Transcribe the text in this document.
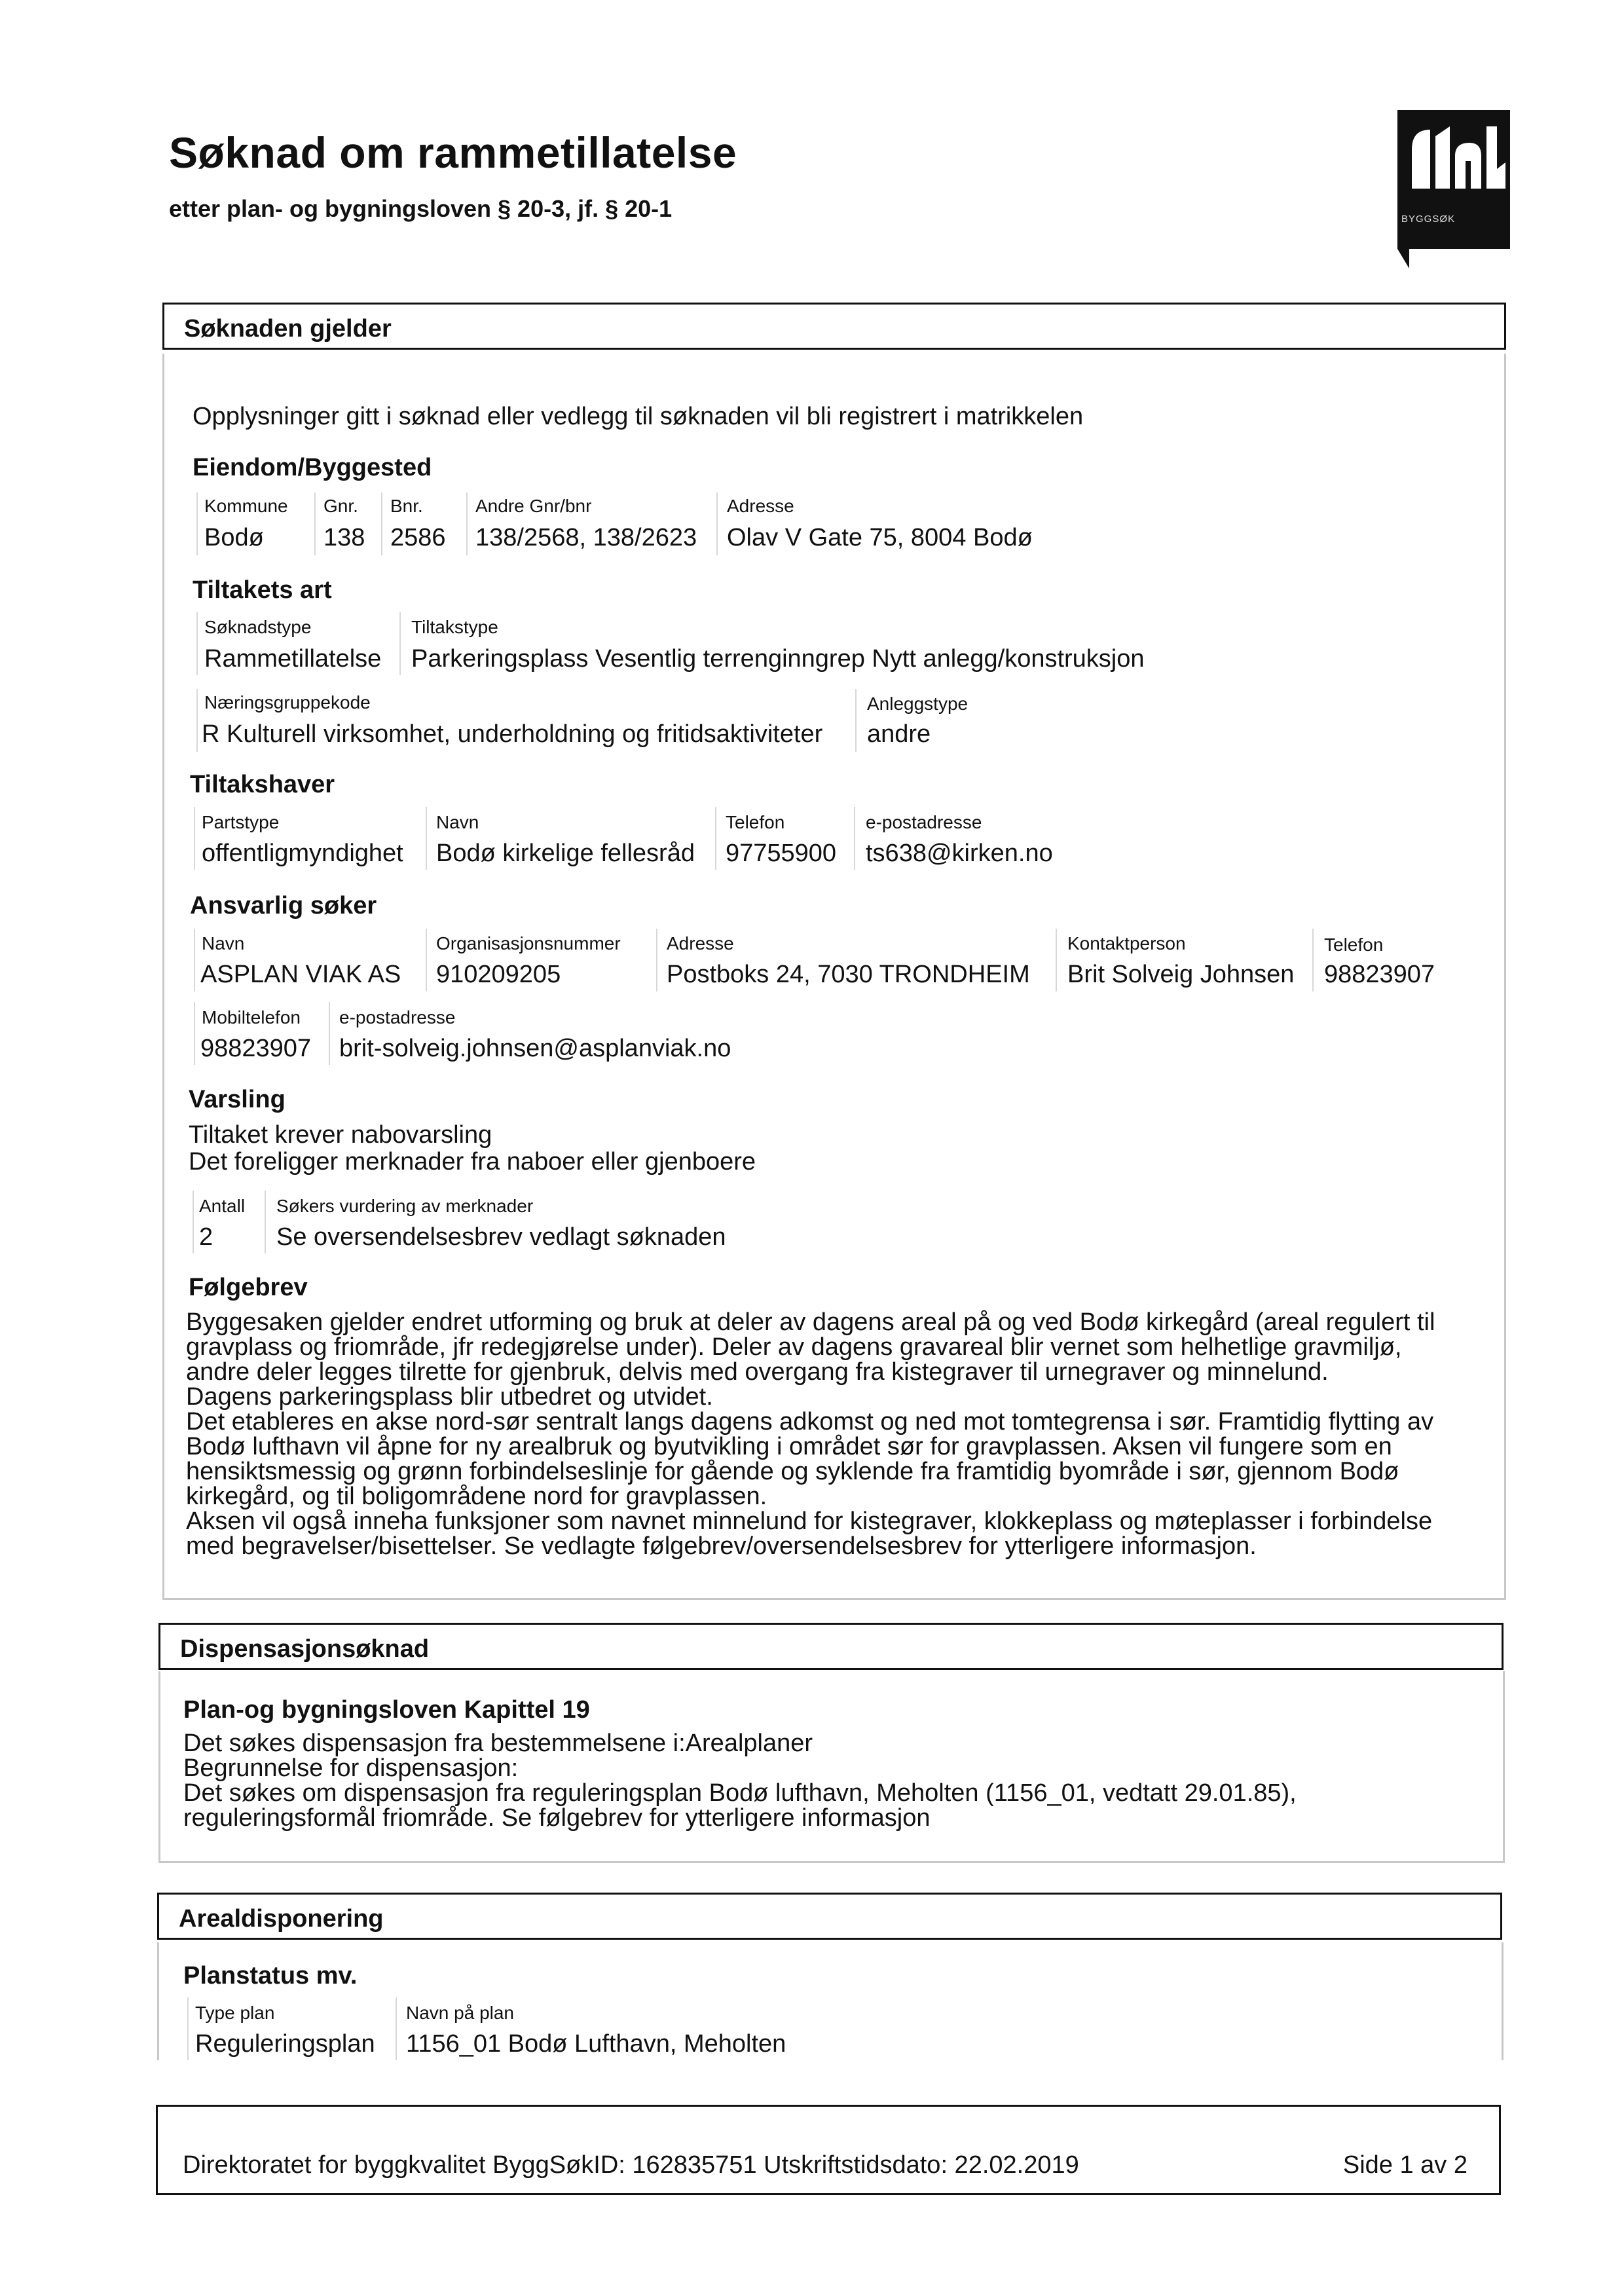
Søknad om rammetillatelse
etter plan- og bygningsloven § 20-3, jf. § 20-1	BYGGSØK
Søknaden gjelder
Opplysninger gitt i søknad eller vedlegg til søknaden vil bli registrert i matrikkelen
Eiendom/Byggested
Kommune
Bodø
Gnr.
138
Bnr.
2586
Andre Gnr/bnr
138/2568, 138/2623
Adresse
Olav V Gate 75, 8004 Bodø
Tiltakets art
Søknadstype
Rammetillatelse
Tiltakstype
Parkeringsplass Vesentlig terrenginngrep Nytt anlegg/konstruksjon
Næringsgruppekode
R Kulturell virksomhet, underholdning og fritidsaktiviteter
Anleggstype
andre
Tiltakshaver
Partstype
offentligmyndighet
Navn
Bodø kirkelige fellesråd
Telefon
97755900
e-postadresse
ts638@kirken.no
Ansvarlig søker
Navn
ASPLAN VIAK AS
Organisasjonsnummer
910209205
Adresse
Postboks 24, 7030 TRONDHEIM
Kontaktperson
Brit Solveig Johnsen
Telefon
98823907
Mobiltelefon
98823907
e-postadresse
brit-solveig.johnsen@asplanviak.no
Varsling
Tiltaket krever nabovarsling
Det foreligger merknader fra naboer eller gjenboere
Antall
2
Søkers vurdering av merknader
Se oversendelsesbrev vedlagt søknaden
Følgebrev
Byggesaken gjelder endret utforming og bruk at deler av dagens areal på og ved Bodø kirkegård (areal regulert til
gravplass og friområde, jfr redegjørelse under). Deler av dagens gravareal blir vernet som helhetlige gravmiljø,
andre deler legges tilrette for gjenbruk, delvis med overgang fra kistegraver til urnegraver og minnelund.
Dagens parkeringsplass blir utbedret og utvidet.
Det etableres en akse nord-sør sentralt langs dagens adkomst og ned mot tomtegrensa i sør. Framtidig flytting av
Bodø lufthavn vil åpne for ny arealbruk og byutvikling i området sør for gravplassen. Aksen vil fungere som en
hensiktsmessig og grønn forbindelseslinje for gående og syklende fra framtidig byområde i sør, gjennom Bodø
kirkegård, og til boligområdene nord for gravplassen.
Aksen vil også inneha funksjoner som navnet minnelund for kistegraver, klokkeplass og møteplasser i forbindelse
med begravelser/bisettelser. Se vedlagte følgebrev/oversendelsesbrev for ytterligere informasjon.
Dispensasjonsøknad
Plan-og bygningsloven Kapittel 19
Det søkes dispensasjon fra bestemmelsene i:Arealplaner
Begrunnelse for dispensasjon:
Det søkes om dispensasjon fra reguleringsplan Bodø lufthavn, Meholten (1156_01, vedtatt 29.01.85),
reguleringsformål friområde. Se følgebrev for ytterligere informasjon
Arealdisponering
Planstatus mv.
Type plan
Reguleringsplan
Navn på plan
1156_01 Bodø Lufthavn, Meholten
Direktoratet for byggkvalitet ByggSøkID: 162835751 Utskriftstidsdato: 22.02.2019	Side 1 av 2
